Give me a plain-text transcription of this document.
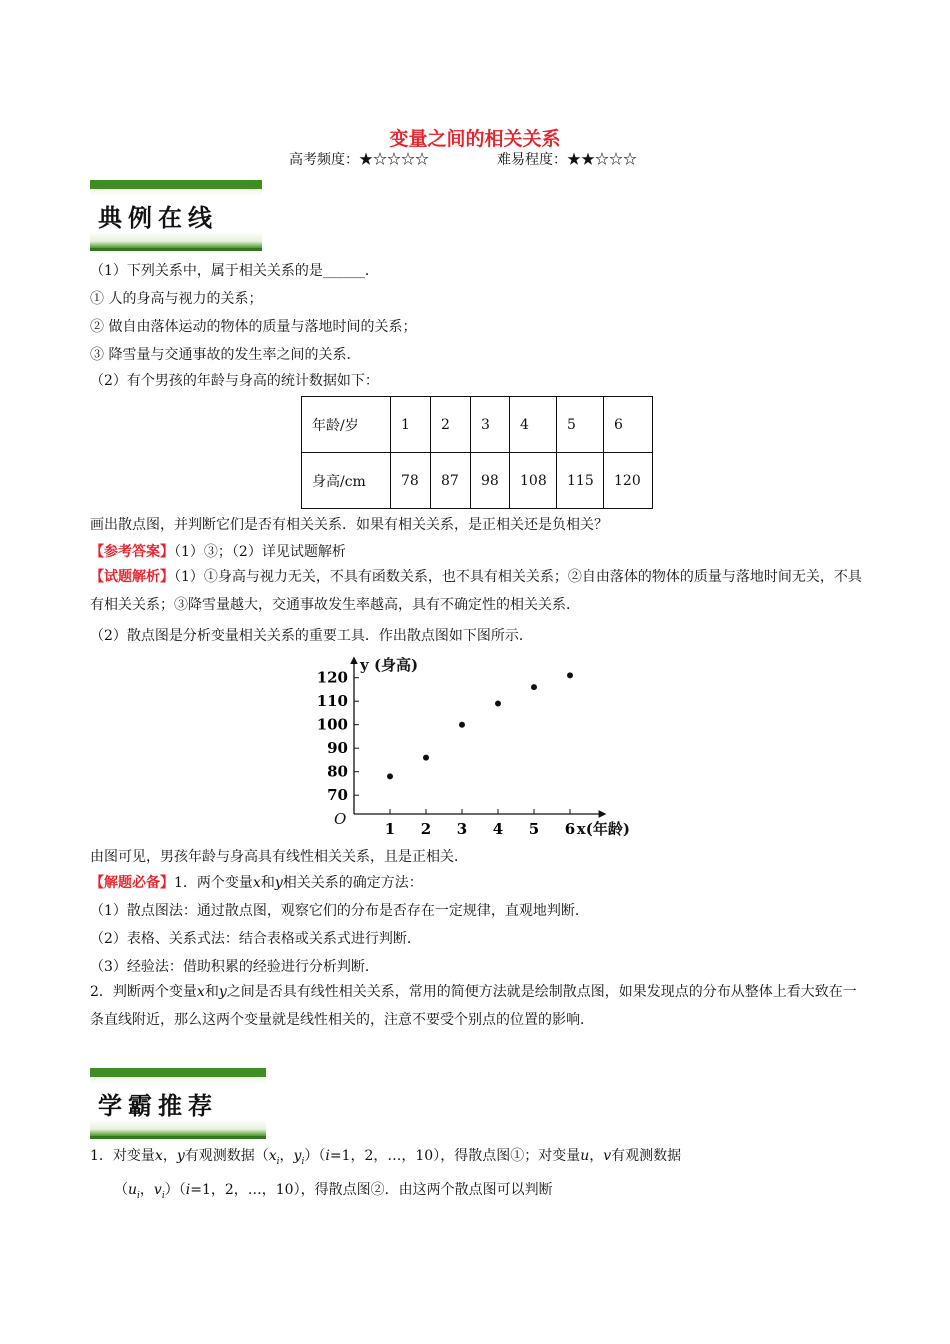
变量之间的相关关系
高考频度：★☆☆☆☆	难易程度：★★☆☆☆
典例在线
（1）下列关系中，属于相关关系的是______．
① 人的身高与视力的关系；
② 做自由落体运动的物体的质量与落地时间的关系；
③ 降雪量与交通事故的发生率之间的关系．
（2）有个男孩的年龄与身高的统计数据如下：
年龄/岁	1	2	3	4	5	6
身高/cm	78	87	98	108	115	120
画出散点图，并判断它们是否有相关关系．如果有相关关系，是正相关还是负相关？
【参考答案】（1）③；（2）详见试题解析
【试题解析】（1）①身高与视力无关，不具有函数关系，也不具有相关关系；②自由落体的物体的质量与落地时间无关，不具有相关关系；③降雪量越大，交通事故发生率越高，具有不确定性的相关关系．
（2）散点图是分析变量相关关系的重要工具．作出散点图如下图所示．
1 2 3 4 5 6
70
80
90
100
110
120
O
y (身高)
x(年龄)
由图可见，男孩年龄与身高具有线性相关关系，且是正相关．
【解题必备】1．两个变量x和y相关关系的确定方法：
（1）散点图法：通过散点图，观察它们的分布是否存在一定规律，直观地判断．
（2）表格、关系式法：结合表格或关系式进行判断．
（3）经验法：借助积累的经验进行分析判断．
2．判断两个变量x和y之间是否具有线性相关关系，常用的简便方法就是绘制散点图，如果发现点的分布从整体上看大致在一条直线附近，那么这两个变量就是线性相关的，注意不要受个别点的位置的影响．
学霸推荐
1．对变量x，y有观测数据（$x_i$，$y_i)(i=1$，2，…，10），得散点图①；对变量u，v有观测数据
（$u_i$，$v_i)(i=1$，2，…，10），得散点图②．由这两个散点图可以判断
